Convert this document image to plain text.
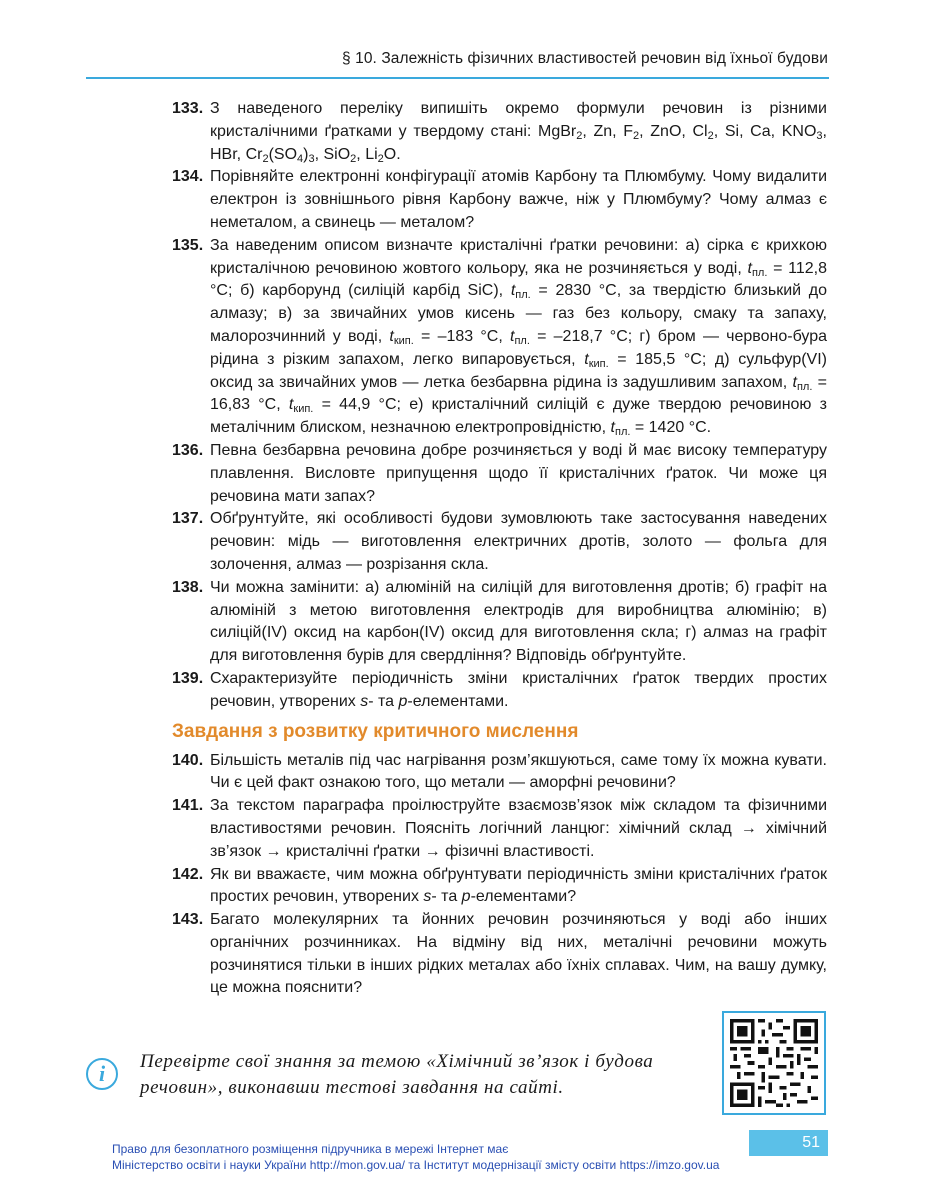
§ 10. Залежність фізичних властивостей речовин від їхньої будови
133. З наведеного переліку випишіть окремо формули речовин із різними кристалічними ґратками у твердому стані: MgBr$_2$, Zn, $F_2$, ZnO, $Cl_2$, Si, Ca, $KNO_3$, HBr, $Cr_2(SO_4)_3$, SiO$_2$, $Li_2O$.
134. Порівняйте електронні конфігурації атомів Карбону та Плюмбуму. Чому видалити електрон із зовнішнього рівня Карбону важче, ніж у Плюмбуму? Чому алмаз є неметалом, а свинець — металом?
135. За наведеним описом визначте кристалічні ґратки речовини: а) сірка є крихкою кристалічною речовиною жовтого кольору, яка не розчиняється у воді, $t_{пл.} = 112,8$ °C; б) карборунд (силіцій карбід SiC), $t_{пл.} = 2830$ °C, за твердістю близький до алмазу; в) за звичайних умов кисень — газ без кольору, смаку та запаху, малорозчинний у воді, $t_{кип.} = -183$ °C, $t_{пл.} = -218,7$ °C; г) бром — червоно-бура рідина з різким запахом, легко випаровується, $t_{кип.} = 185,5$ °C; д) сульфур(VI) оксид за звичайних умов — летка безбарвна рідина із задушливим запахом, $t_{пл.} = 16,83$ °C, $t_{кип.} = 44,9$ °C; е) кристалічний силіцій є дуже твердою речовиною з металічним блиском, незначною електропровідністю, $t_{пл.} = 1420$ °C.
136. Певна безбарвна речовина добре розчиняється у воді й має високу температуру плавлення. Висловте припущення щодо її кристалічних ґраток. Чи може ця речовина мати запах?
137. Обґрунтуйте, які особливості будови зумовлюють таке застосування наведених речовин: мідь — виготовлення електричних дротів, золото — фольга для золочення, алмаз — розрізання скла.
138. Чи можна замінити: а) алюміній на силіцій для виготовлення дротів; б) графіт на алюміній з метою виготовлення електродів для виробництва алюмінію; в) силіцій(IV) оксид на карбон(IV) оксид для виготовлення скла; г) алмаз на графіт для виготовлення бурів для свердління? Відповідь обґрунтуйте.
139. Схарактеризуйте періодичність зміни кристалічних ґраток твердих простих речовин, утворених s- та p-елементами.
Завдання з розвитку критичного мислення
140. Більшість металів під час нагрівання розм’якшуються, саме тому їх можна кувати. Чи є цей факт ознакою того, що метали — аморфні речовини?
141. За текстом параграфа проілюструйте взаємозв’язок між складом та фізичними властивостями речовин. Поясніть логічний ланцюг: хімічний склад → хімічний зв’язок → кристалічні ґратки → фізичні властивості.
142. Як ви вважаєте, чим можна обґрунтувати періодичність зміни кристалічних ґраток простих речовин, утворених s- та p-елементами?
143. Багато молекулярних та йонних речовин розчиняються у воді або інших органічних розчинниках. На відміну від них, металічні речовини можуть розчинятися тільки в інших рідких металах або їхніх сплавах. Чим, на вашу думку, це можна пояснити?
i	Перевірте свої знання за темою «Хімічний зв’язок і будова речовин», виконавши тестові завдання на сайті.
51
Право для безоплатного розміщення підручника в мережі Інтернет має
Міністерство освіти і науки України http://mon.gov.ua/ та Інститут модернізації змісту освіти https://imzo.gov.ua
